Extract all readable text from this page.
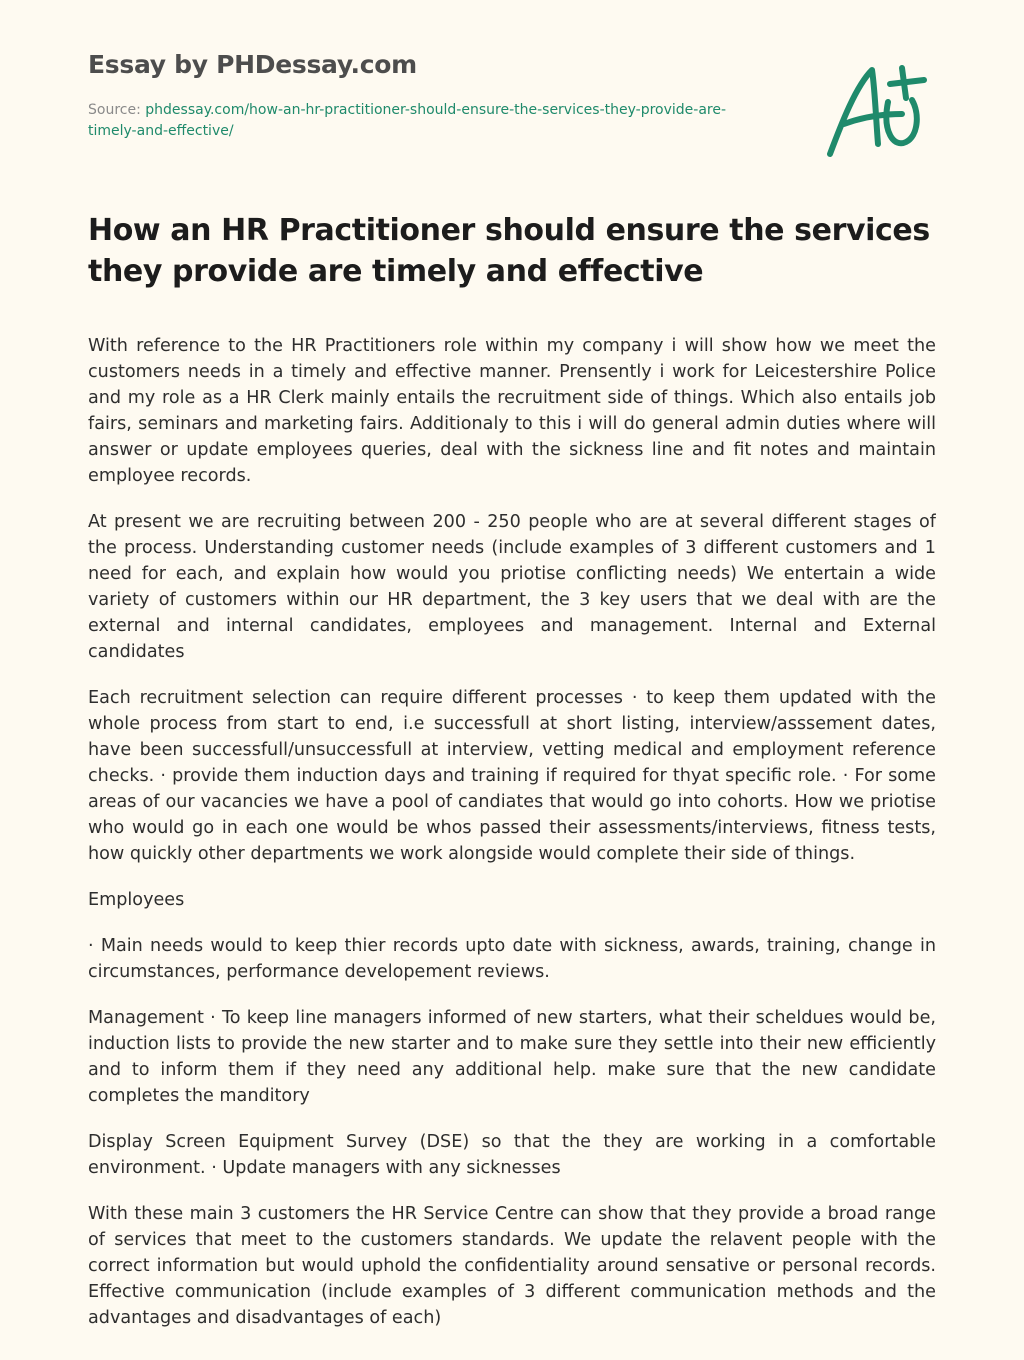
Essay by PHDessay.com
Source: phdessay.com/how-an-hr-practitioner-should-ensure-the-services-they-provide-are-timely-and-effective/
How an HR Practitioner should ensure the services they provide are timely and effective

With reference to the HR Practitioners role within my company i will show how we meet the customers needs in a timely and effective manner. Prensently i work for Leicestershire Police and my role as a HR Clerk mainly entails the recruitment side of things. Which also entails job fairs, seminars and marketing fairs. Additionaly to this i will do general admin duties where will answer or update employees queries, deal with the sickness line and fit notes and maintain employee records.

At present we are recruiting between 200 - 250 people who are at several different stages of the process. Understanding customer needs (include examples of 3 different customers and 1 need for each, and explain how would you priotise conflicting needs) We entertain a wide variety of customers within our HR department, the 3 key users that we deal with are the external and internal candidates, employees and management. Internal and External candidates

Each recruitment selection can require different processes · to keep them updated with the whole process from start to end, i.e successfull at short listing, interview/asssement dates, have been successfull/unsuccessfull at interview, vetting medical and employment reference checks. · provide them induction days and training if required for thyat specific role. · For some areas of our vacancies we have a pool of candiates that would go into cohorts. How we priotise who would go in each one would be whos passed their assessments/interviews, fitness tests, how quickly other departments we work alongside would complete their side of things.

Employees

· Main needs would to keep thier records upto date with sickness, awards, training, change in circumstances, performance developement reviews.

Management · To keep line managers informed of new starters, what their scheldues would be, induction lists to provide the new starter and to make sure they settle into their new efficiently and to inform them if they need any additional help. make sure that the new candidate completes the manditory

Display Screen Equipment Survey (DSE) so that the they are working in a comfortable environment. · Update managers with any sicknesses

With these main 3 customers the HR Service Centre can show that they provide a broad range of services that meet to the customers standards. We update the relavent people with the correct information but would uphold the confidentiality around sensative or personal records. Effective communication (include examples of 3 different communication methods and the advantages and disadvantages of each)
